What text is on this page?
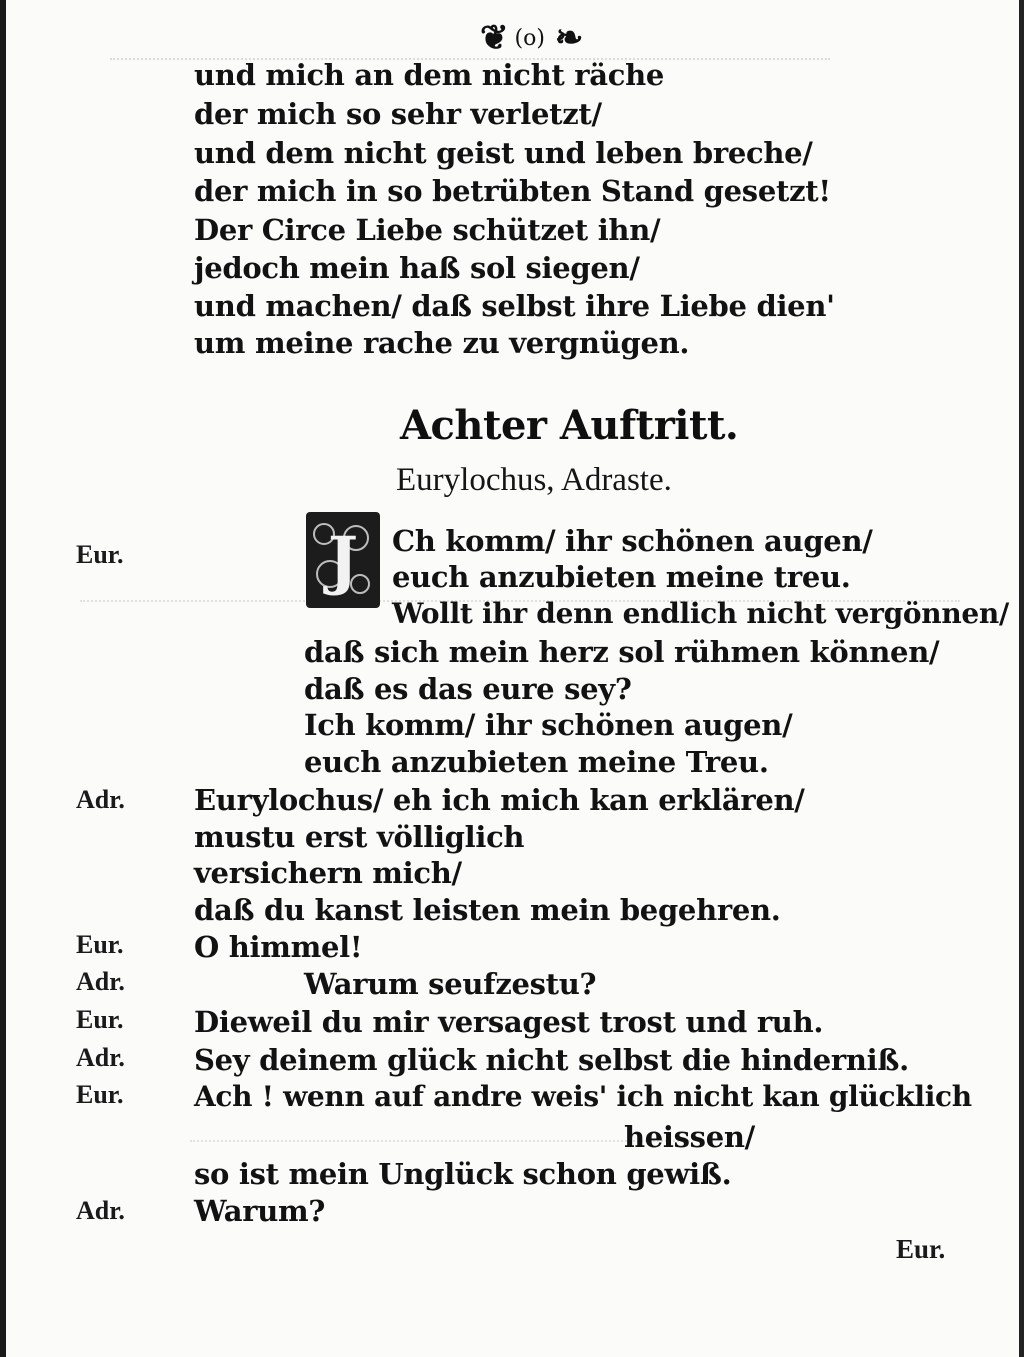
❦ (o) ❧
und mich an dem nicht räche
der mich so sehr verletzt/
und dem nicht geist und leben breche/
der mich in so betrübten Stand gesetzt!
Der Circe Liebe schützet ihn/
jedoch mein haß sol siegen/
und machen/ daß selbst ihre Liebe dien'
um meine rache zu vergnügen.
Achter Auftritt.
Eurylochus, Adraste.
J
Eur.
Adr.
Eur.
Adr.
Eur.
Adr.
Eur.
Adr.
Ch komm/ ihr schönen augen/
euch anzubieten meine treu.
Wollt ihr denn endlich nicht vergönnen/
daß sich mein herz sol rühmen können/
daß es das eure sey?
Ich komm/ ihr schönen augen/
euch anzubieten meine Treu.
Eurylochus/ eh ich mich kan erklären/
mustu erst völliglich
versichern mich/
daß du kanst leisten mein begehren.
O himmel!
Warum seufzestu?
Dieweil du mir versagest trost und ruh.
Sey deinem glück nicht selbst die hinderniß.
Ach ! wenn auf andre weis' ich nicht kan glücklich
heissen/
so ist mein Unglück schon gewiß.
Warum?
Eur.
